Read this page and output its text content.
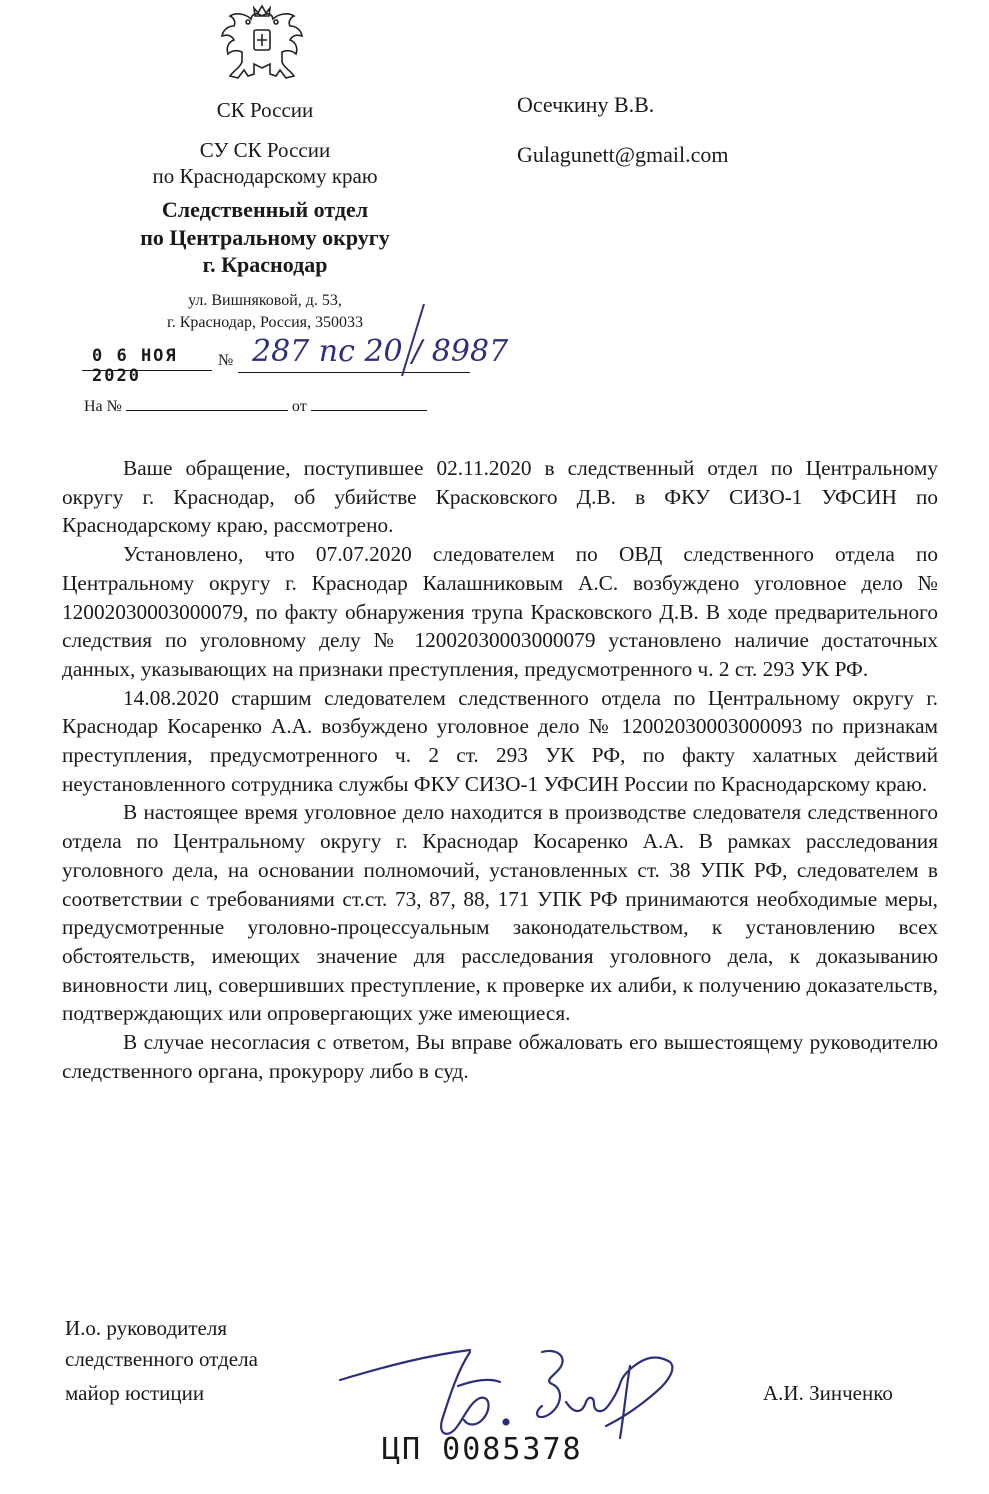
СК России
СУ СК России
по Краснодарскому краю
Следственный отдел
по Центральному округу
г. Краснодар
ул. Вишняковой, д. 53,
г. Краснодар, Россия, 350033
0 6 НОЯ 2020
№ 287 nc 20 / 8987
На №	от
Осечкину В.В.
Gulagunett@gmail.com

Ваше обращение, поступившее 02.11.2020 в следственный отдел по Центральному округу г. Краснодар, об убийстве Красковского Д.В. в ФКУ СИЗО-1 УФСИН по Краснодарскому краю, рассмотрено.

Установлено, что 07.07.2020 следователем по ОВД следственного отдела по Центральному округу г. Краснодар Калашниковым А.С. возбуждено уголовное дело № 12002030003000079, по факту обнаружения трупа Красковского Д.В. В ходе предварительного следствия по уголовному делу № 12002030003000079 установлено наличие достаточных данных, указывающих на признаки преступления, предусмотренного ч. 2 ст. 293 УК РФ.

14.08.2020 старшим следователем следственного отдела по Центральному округу г. Краснодар Косаренко А.А. возбуждено уголовное дело № 12002030003000093 по признакам преступления, предусмотренного ч. 2 ст. 293 УК РФ, по факту халатных действий неустановленного сотрудника службы ФКУ СИЗО-1 УФСИН России по Краснодарскому краю.

В настоящее время уголовное дело находится в производстве следователя следственного отдела по Центральному округу г. Краснодар Косаренко А.А. В рамках расследования уголовного дела, на основании полномочий, установленных ст. 38 УПК РФ, следователем в соответствии с требованиями ст.ст. 73, 87, 88, 171 УПК РФ принимаются необходимые меры, предусмотренные уголовно-процессуальным законодательством, к установлению всех обстоятельств, имеющих значение для расследования уголовного дела, к доказыванию виновности лиц, совершивших преступление, к проверке их алиби, к получению доказательств, подтверждающих или опровергающих уже имеющиеся.

В случае несогласия с ответом, Вы вправе обжаловать его вышестоящему руководителю следственного органа, прокурору либо в суд.

И.о. руководителя
следственного отдела
майор юстиции	А.И. Зинченко
ЦП 0085378
